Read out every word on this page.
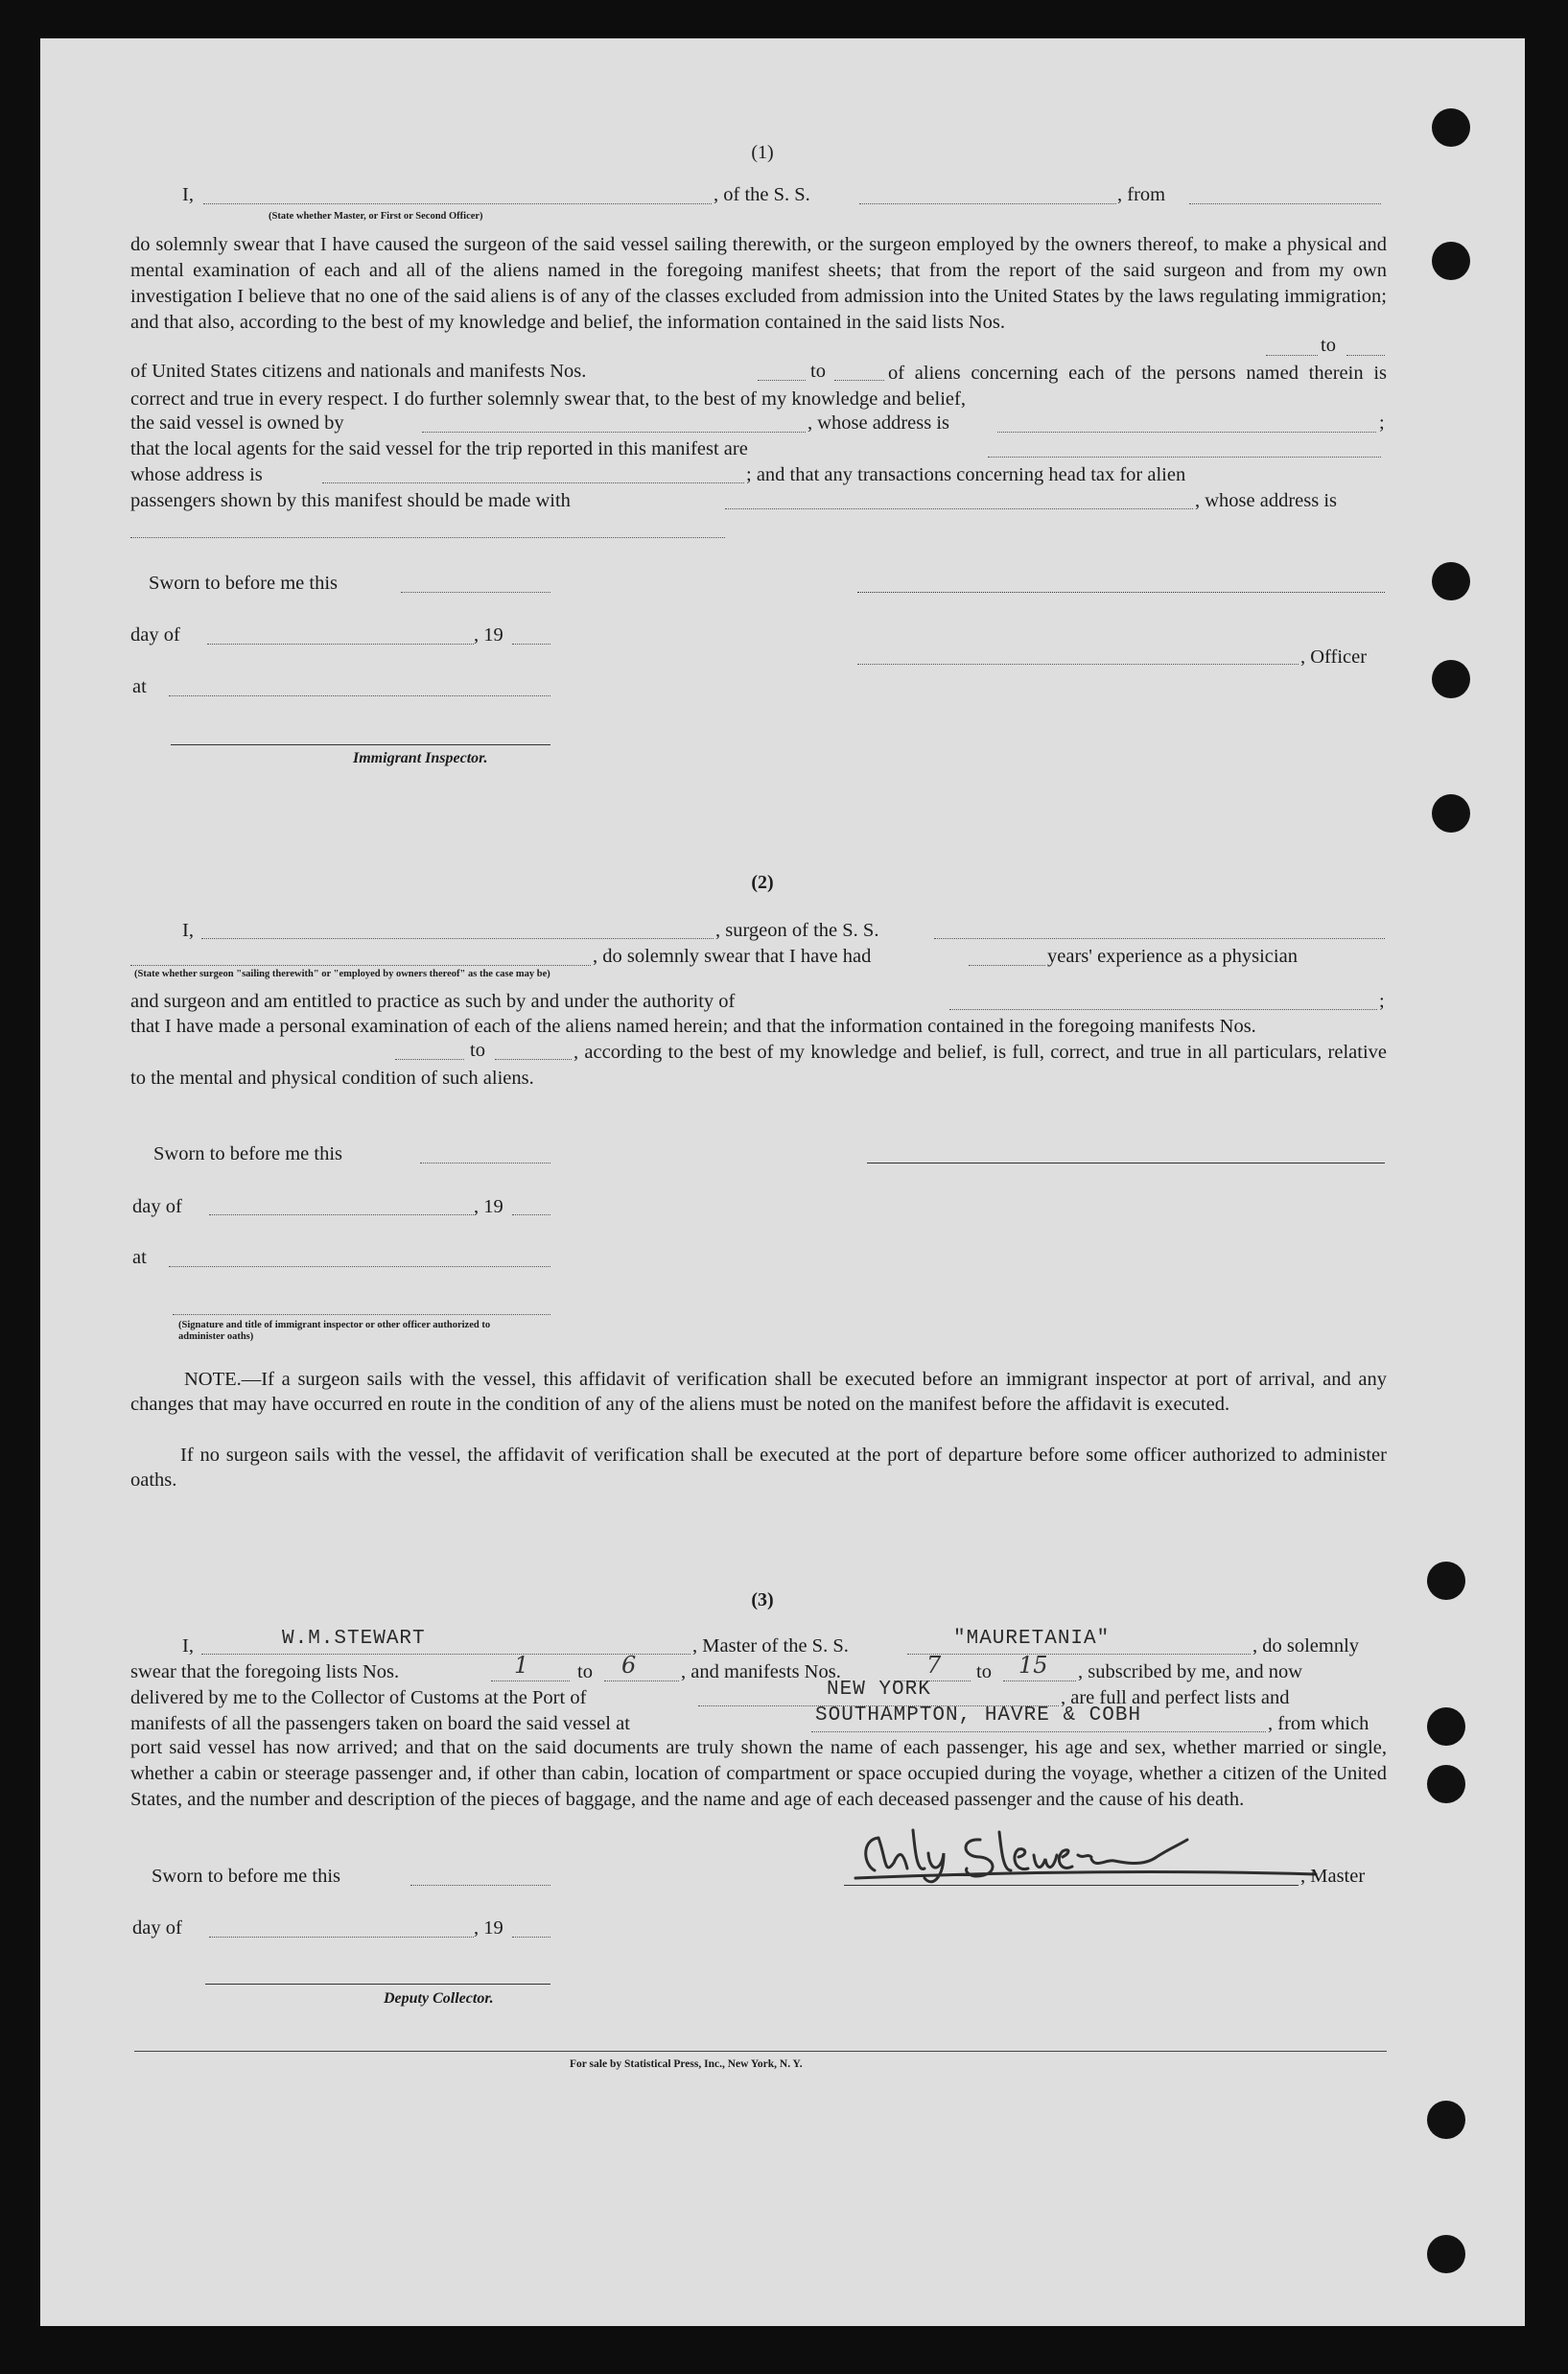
(1)
I,	, of the S. S.	, from
(State whether Master, or First or Second Officer)
do solemnly swear that I have caused the surgeon of the said vessel sailing therewith, or the surgeon employed by the owners thereof, to make a physical and mental examination of each and all of the aliens named in the foregoing manifest sheets; that from the report of the said surgeon and from my own investigation I believe that no one of the said aliens is of any of the classes excluded from admission into the United States by the laws regulating immigration; and that also, according to the best of my knowledge and belief, the information contained in the said lists Nos.
to
of United States citizens and nationals and manifests Nos.	to	of aliens concerning each of the persons named therein is correct and true in every respect. I do further solemnly swear that, to the best of my knowledge and belief,
the said vessel is owned by	, whose address is	;
that the local agents for the said vessel for the trip reported in this manifest are
whose address is	; and that any transactions concerning head tax for alien
passengers shown by this manifest should be made with	, whose address is
Sworn to before me this
day of	, 19
, Officer
at
Immigrant Inspector.
(2)
I,	, surgeon of the S. S.
(State whether surgeon "sailing therewith" or "employed by owners thereof" as the case may be)
, do solemnly swear that I have had	years' experience as a physician
and surgeon and am entitled to practice as such by and under the authority of	;
that I have made a personal examination of each of the aliens named herein; and that the information contained in the foregoing manifests Nos.
to	, according to the best of my knowledge and belief, is full, correct, and true in all particulars, relative to the mental and physical condition of such aliens.
Sworn to before me this
day of	, 19
at
(Signature and title of immigrant inspector or other officer authorized to administer oaths)
NOTE.—If a surgeon sails with the vessel, this affidavit of verification shall be executed before an immigrant inspector at port of arrival, and any changes that may have occurred en route in the condition of any of the aliens must be noted on the manifest before the affidavit is executed.
If no surgeon sails with the vessel, the affidavit of verification shall be executed at the port of departure before some officer authorized to administer oaths.
(3)
I,	W.M.STEWART	, Master of the S. S.	"MAURETANIA"	, do solemnly
swear that the foregoing lists Nos.	1 to 6 , and manifests Nos.	7 to 15 , subscribed by me, and now
delivered by me to the Collector of Customs at the Port of	NEW YORK	, are full and perfect lists and
manifests of all the passengers taken on board the said vessel at	SOUTHAMPTON, HAVRE & COBH	, from which
port said vessel has now arrived; and that on the said documents are truly shown the name of each passenger, his age and sex, whether married or single, whether a cabin or steerage passenger and, if other than cabin, location of compartment or space occupied during the voyage, whether a citizen of the United States, and the number and description of the pieces of baggage, and the name and age of each deceased passenger and the cause of his death.
Sworn to before me this	, Master
day of	, 19
Deputy Collector.
For sale by Statistical Press, Inc., New York, N. Y.
